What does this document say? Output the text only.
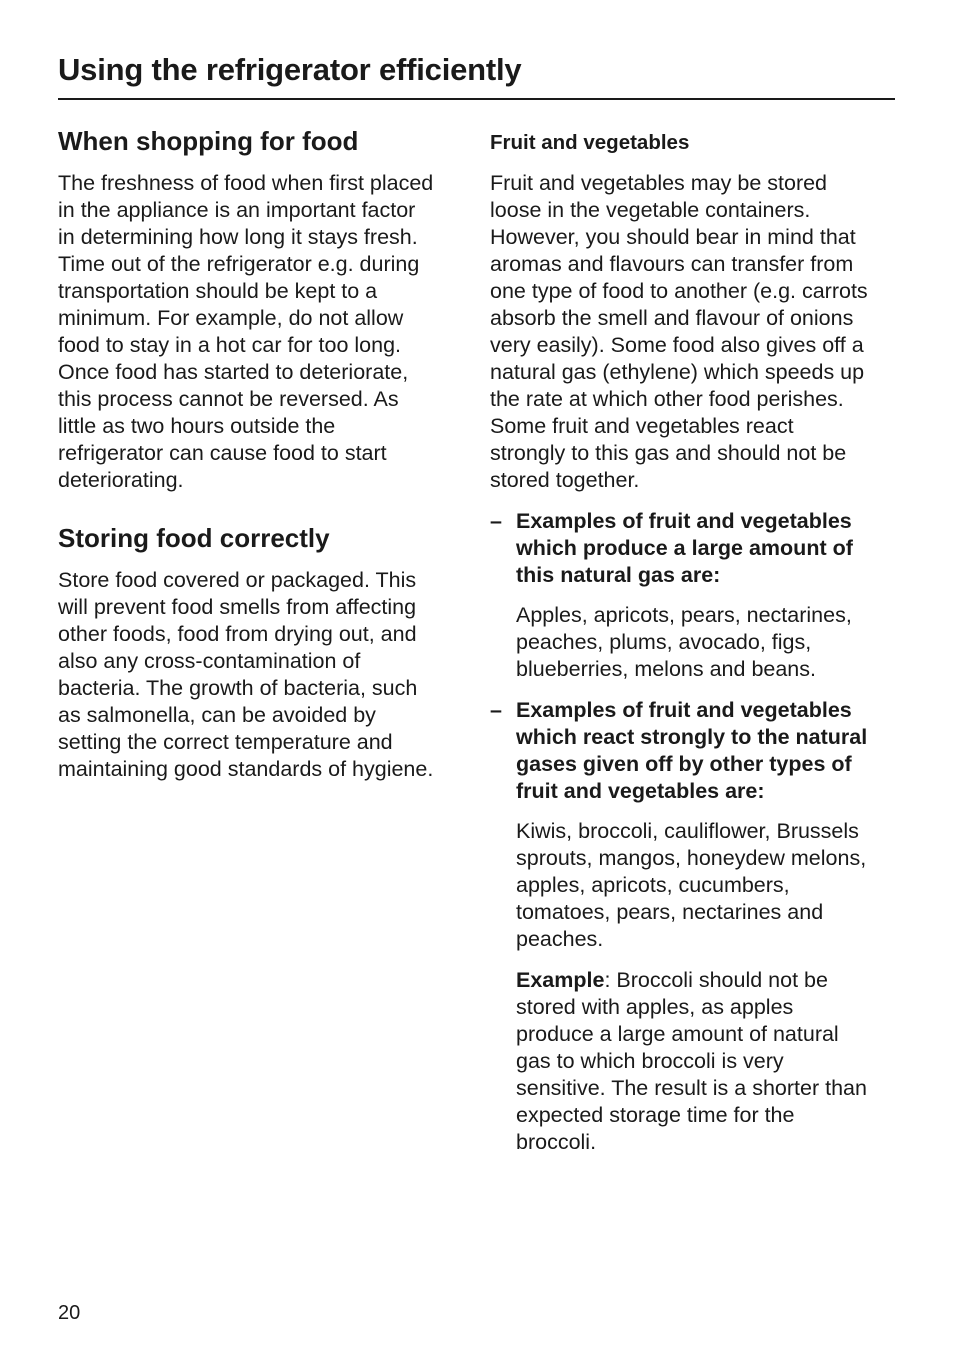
Using the refrigerator efficiently
When shopping for food
The freshness of food when first placed
in the appliance is an important factor
in determining how long it stays fresh.
Time out of the refrigerator e.g. during
transportation should be kept to a
minimum. For example, do not allow
food to stay in a hot car for too long.
Once food has started to deteriorate,
this process cannot be reversed. As
little as two hours outside the
refrigerator can cause food to start
deteriorating.
Storing food correctly
Store food covered or packaged. This
will prevent food smells from affecting
other foods, food from drying out, and
also any cross-contamination of
bacteria. The growth of bacteria, such
as salmonella, can be avoided by
setting the correct temperature and
maintaining good standards of hygiene.
Fruit and vegetables
Fruit and vegetables may be stored
loose in the vegetable containers.
However, you should bear in mind that
aromas and flavours can transfer from
one type of food to another (e.g. carrots
absorb the smell and flavour of onions
very easily). Some food also gives off a
natural gas (ethylene) which speeds up
the rate at which other food perishes.
Some fruit and vegetables react
strongly to this gas and should not be
stored together.
– Examples of fruit and vegetables
which produce a large amount of
this natural gas are:
Apples, apricots, pears, nectarines,
peaches, plums, avocado, figs,
blueberries, melons and beans.
– Examples of fruit and vegetables
which react strongly to the natural
gases given off by other types of
fruit and vegetables are:
Kiwis, broccoli, cauliflower, Brussels
sprouts, mangos, honeydew melons,
apples, apricots, cucumbers,
tomatoes, pears, nectarines and
peaches.
Example: Broccoli should not be
stored with apples, as apples
produce a large amount of natural
gas to which broccoli is very
sensitive. The result is a shorter than
expected storage time for the
broccoli.
20
